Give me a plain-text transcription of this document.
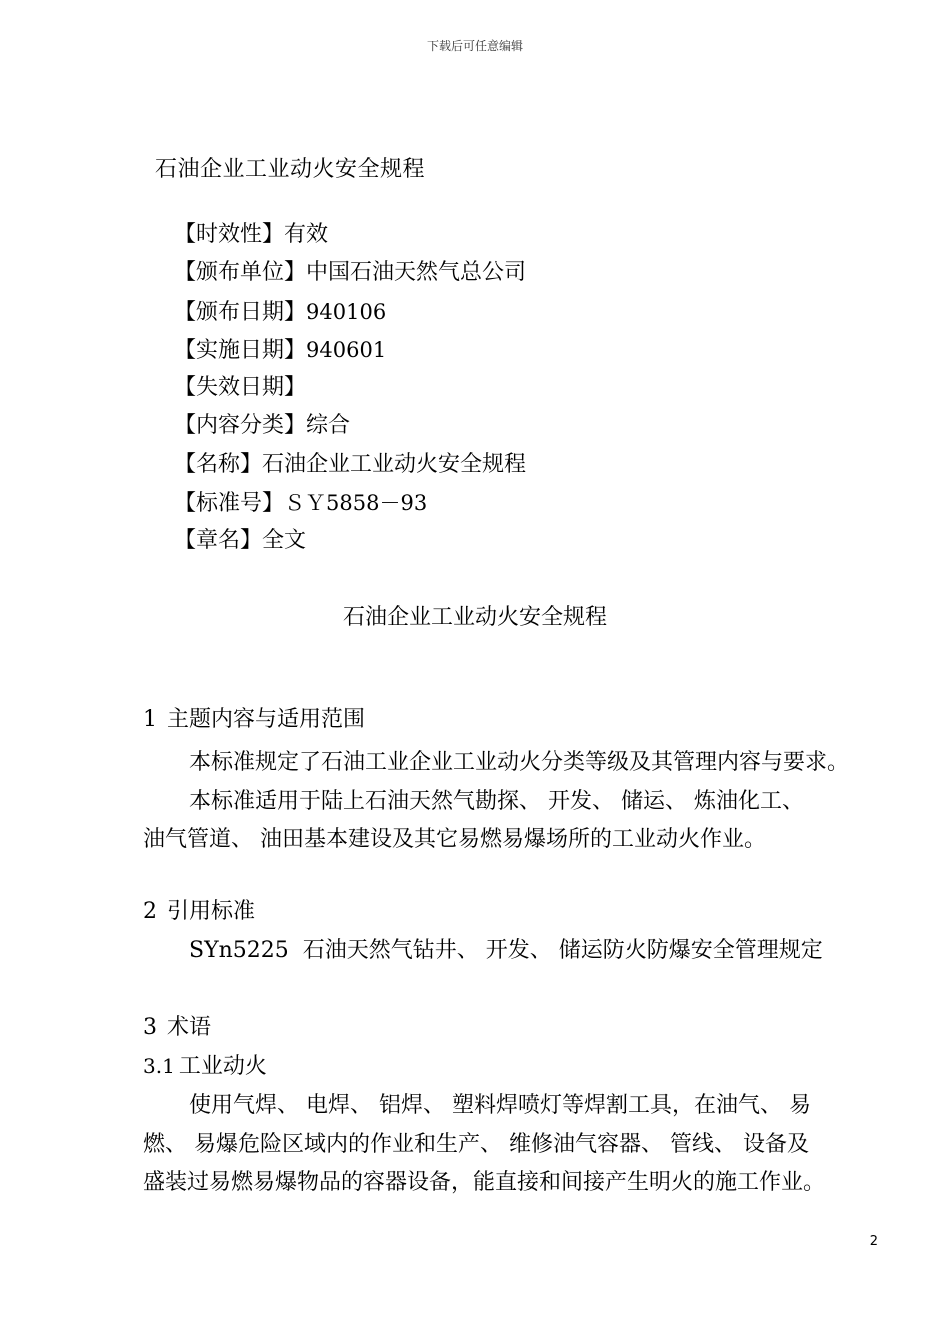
下载后可任意编辑
石油企业工业动火安全规程
【时效性】有效
【颁布单位】中国石油天然气总公司
【颁布日期】940106
【实施日期】940601
【失效日期】
【内容分类】综合
【名称】石油企业工业动火安全规程
【标准号】ＳＹ5858－93
【章名】全文
石油企业工业动火安全规程
1 主题内容与适用范围
本标准规定了石油工业企业工业动火分类等级及其管理内容与要求。
本标准适用于陆上石油天然气勘探、 开发、 储运、 炼油化工、
油气管道、 油田基本建设及其它易燃易爆场所的工业动火作业。
2 引用标准
SYn5225 石油天然气钻井、 开发、 储运防火防爆安全管理规定
3 术语
3.1 工业动火
使用气焊、 电焊、 铝焊、 塑料焊喷灯等焊割工具，在油气、 易
燃、 易爆危险区域内的作业和生产、 维修油气容器、 管线、 设备及
盛装过易燃易爆物品的容器设备，能直接和间接产生明火的施工作业。
2
